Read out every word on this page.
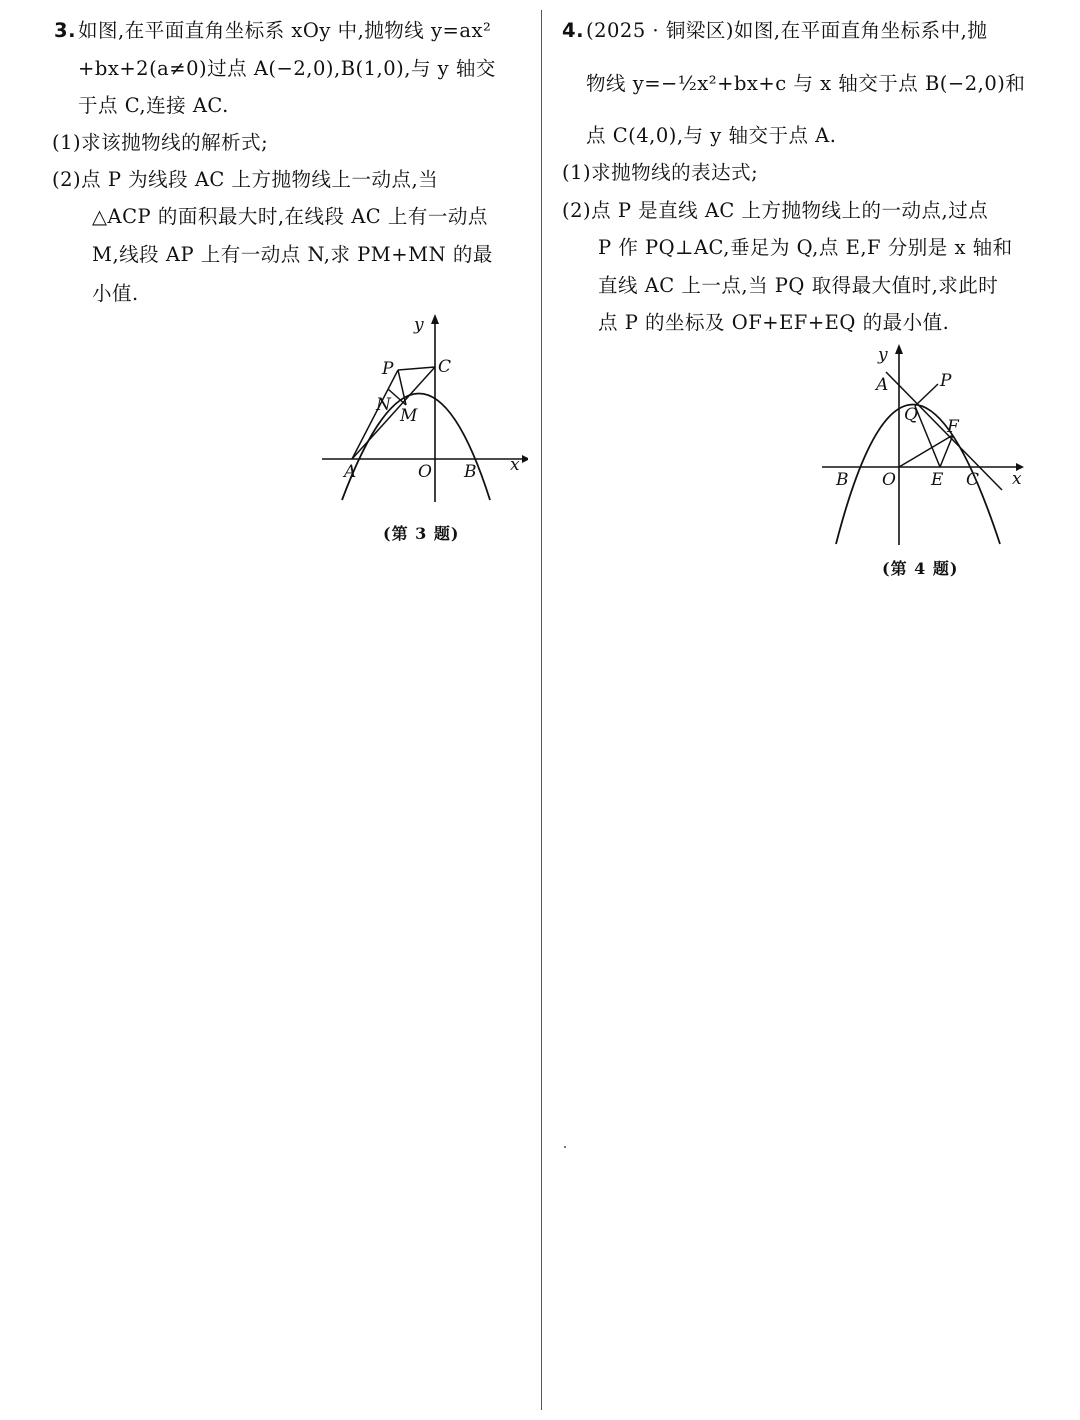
3. 如图,在平面直角坐标系 xOy 中,抛物线 y=ax²
+bx+2(a≠0)过点 A(−2,0),B(1,0),与 y 轴交
于点 C,连接 AC.
(1)求该抛物线的解析式;
(2)点 P 为线段 AC 上方抛物线上一动点,当
△ACP 的面积最大时,在线段 AC 上有一动点
M,线段 AP 上有一动点 N,求 PM+MN 的最
小值.
y
x
P	C
N
M
A	O B
(第 3 题)
4. (2025 · 铜梁区)如图,在平面直角坐标系中,抛
物线 y=−½x²+bx+c 与 x 轴交于点 B(−2,0)和
点 C(4,0),与 y 轴交于点 A.
(1)求抛物线的表达式;
(2)点 P 是直线 AC 上方抛物线上的一动点,过点
P 作 PQ⊥AC,垂足为 Q,点 E,F 分别是 x 轴和
直线 AC 上一点,当 PQ 取得最大值时,求此时
点 P 的坐标及 OF+EF+EQ 的最小值.
y
x
A	P
Q
F
B O E C
(第 4 题)
